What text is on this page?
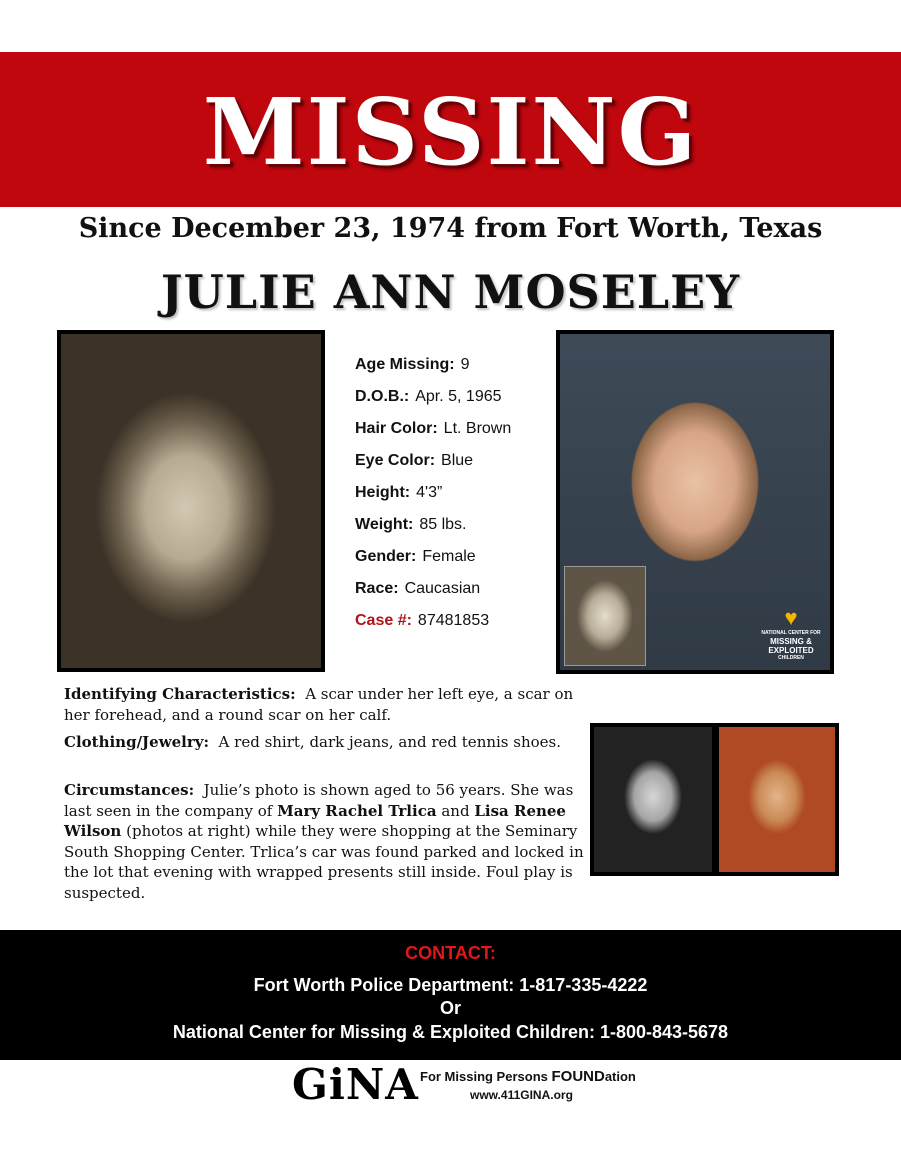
MISSING
Since December 23, 1974 from Fort Worth, Texas
JULIE ANN MOSELEY
♥
NATIONAL CENTER FOR
MISSING &
EXPLOITED
CHILDREN
Age Missing: 9
D.O.B.: Apr. 5, 1965
Hair Color: Lt. Brown
Eye Color: Blue
Height: 4'3”
Weight: 85 lbs.
Gender: Female
Race: Caucasian
Case #: 87481853
Identifying Characteristics: A scar under her left eye, a scar on her forehead, and a round scar on her calf.
Clothing/Jewelry: A red shirt, dark jeans, and red tennis shoes.
Circumstances: Julie’s photo is shown aged to 56 years. She was last seen in the company of Mary Rachel Trlica and Lisa Renee Wilson (photos at right) while they were shopping at the Seminary South Shopping Center. Trlica’s car was found parked and locked in the lot that evening with wrapped presents still inside. Foul play is suspected.
CONTACT:
Fort Worth Police Department: 1-817-335-4222
Or
National Center for Missing & Exploited Children: 1-800-843-5678
GiNA For Missing Persons FOUNDation
www.411GINA.org
